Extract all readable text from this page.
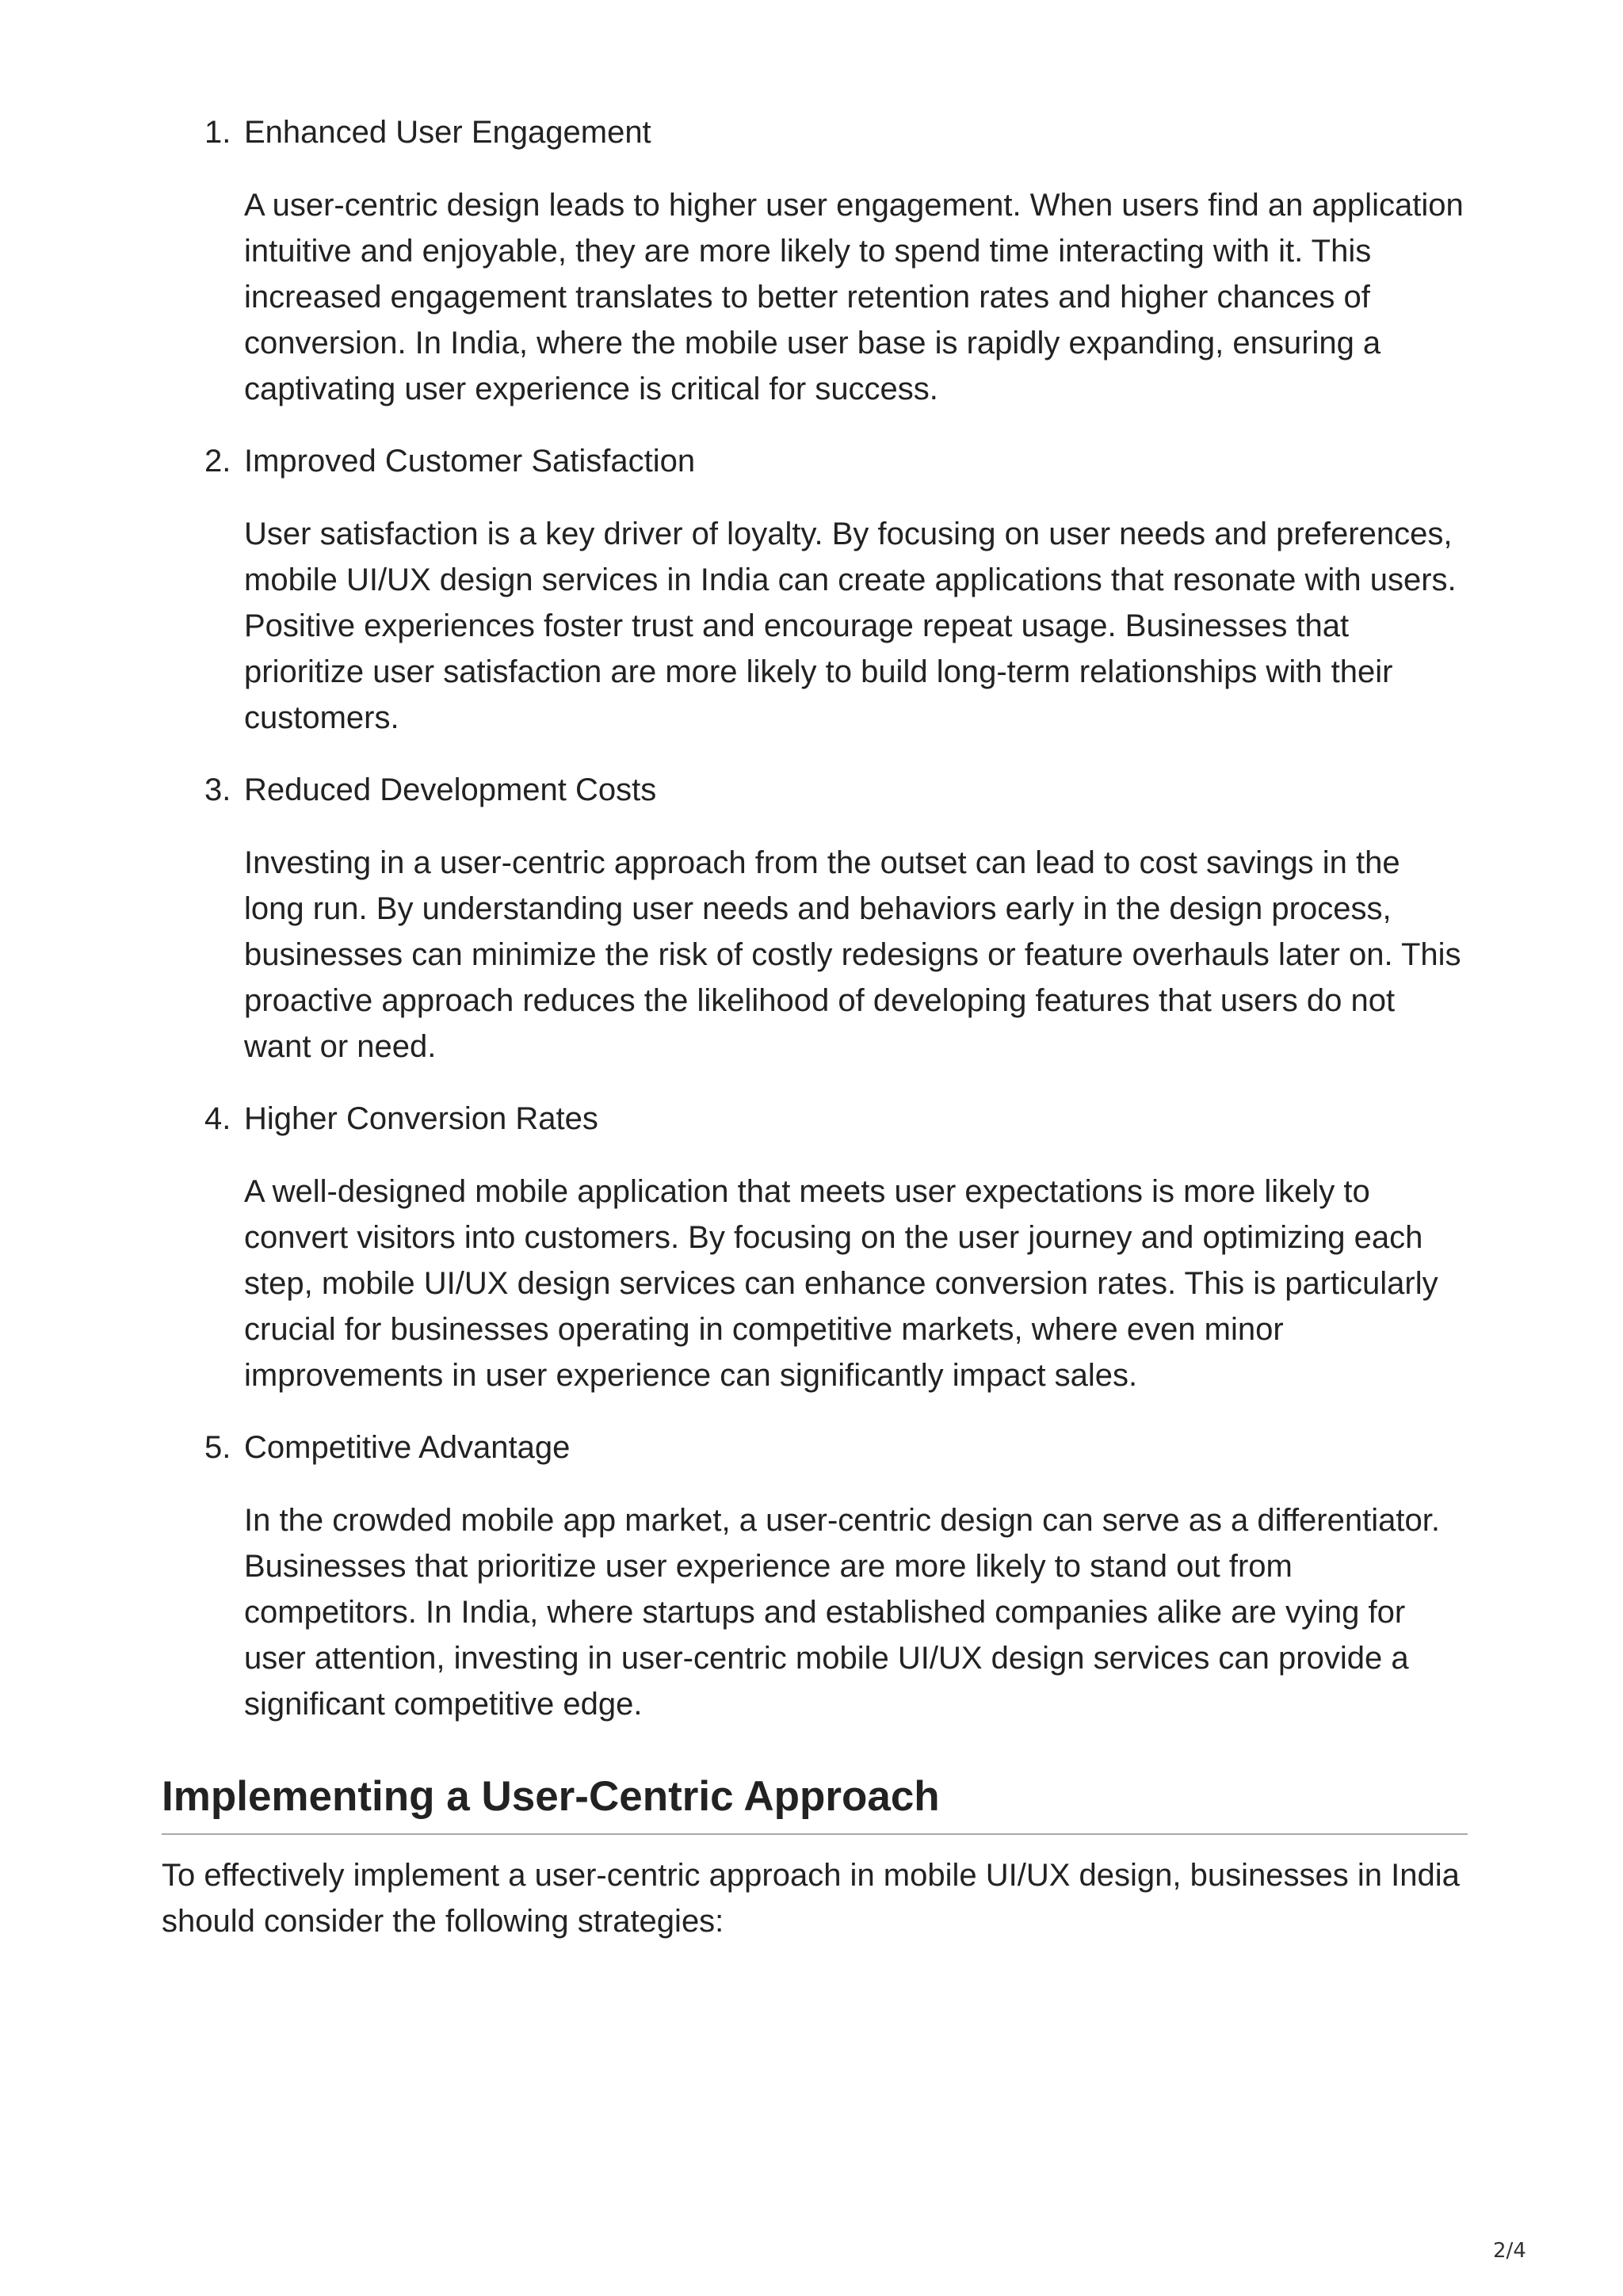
1. Enhanced User Engagement

A user-centric design leads to higher user engagement. When users find an application intuitive and enjoyable, they are more likely to spend time interacting with it. This increased engagement translates to better retention rates and higher chances of conversion. In India, where the mobile user base is rapidly expanding, ensuring a captivating user experience is critical for success.

2. Improved Customer Satisfaction

User satisfaction is a key driver of loyalty. By focusing on user needs and preferences, mobile UI/UX design services in India can create applications that resonate with users. Positive experiences foster trust and encourage repeat usage. Businesses that prioritize user satisfaction are more likely to build long-term relationships with their customers.

3. Reduced Development Costs

Investing in a user-centric approach from the outset can lead to cost savings in the long run. By understanding user needs and behaviors early in the design process, businesses can minimize the risk of costly redesigns or feature overhauls later on. This proactive approach reduces the likelihood of developing features that users do not want or need.

4. Higher Conversion Rates

A well-designed mobile application that meets user expectations is more likely to convert visitors into customers. By focusing on the user journey and optimizing each step, mobile UI/UX design services can enhance conversion rates. This is particularly crucial for businesses operating in competitive markets, where even minor improvements in user experience can significantly impact sales.

5. Competitive Advantage

In the crowded mobile app market, a user-centric design can serve as a differentiator. Businesses that prioritize user experience are more likely to stand out from competitors. In India, where startups and established companies alike are vying for user attention, investing in user-centric mobile UI/UX design services can provide a significant competitive edge.

Implementing a User-Centric Approach

To effectively implement a user-centric approach in mobile UI/UX design, businesses in India should consider the following strategies:

2/4
